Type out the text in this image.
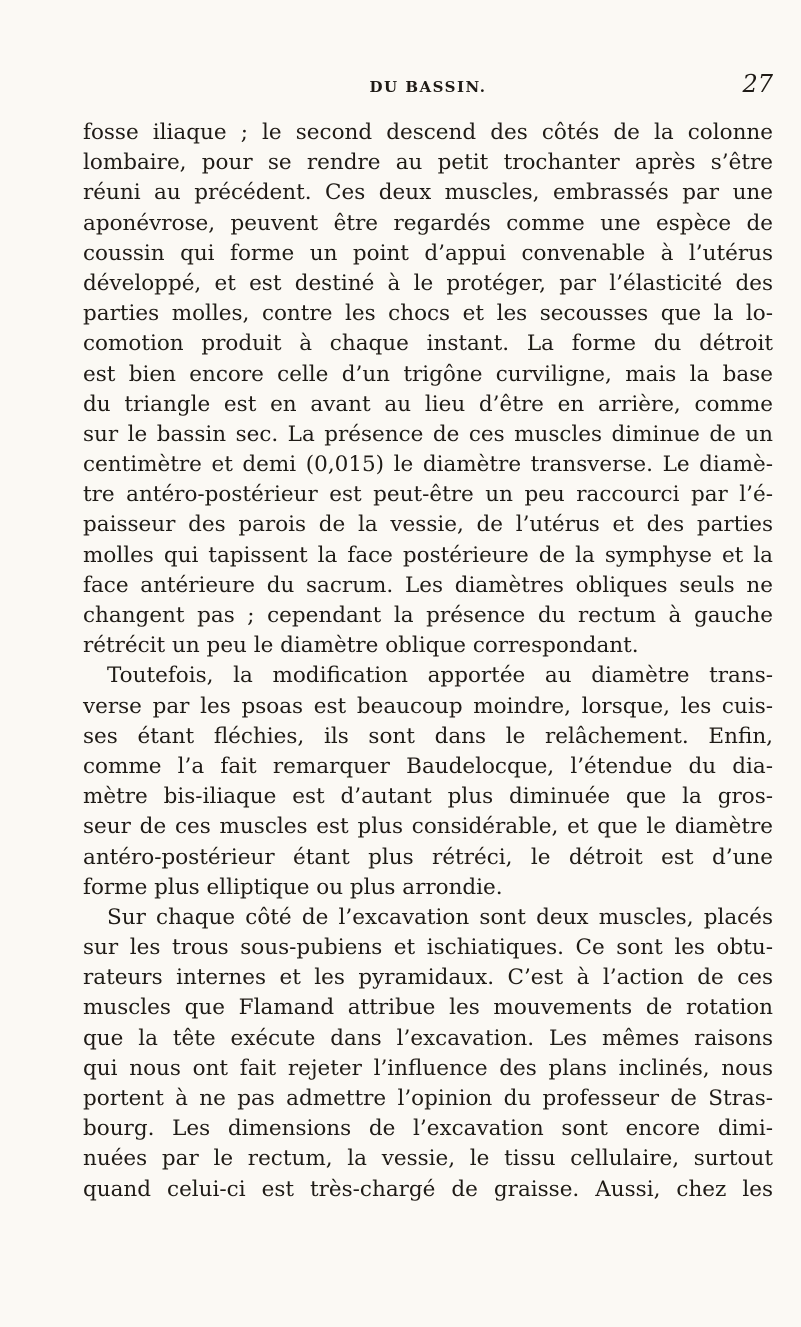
DU BASSIN.	27
fosse iliaque ; le second descend des côtés de la colonne
lombaire, pour se rendre au petit trochanter après s’être
réuni au précédent. Ces deux muscles, embrassés par une
aponévrose, peuvent être regardés comme une espèce de
coussin qui forme un point d’appui convenable à l’utérus
développé, et est destiné à le protéger, par l’élasticité des
parties molles, contre les chocs et les secousses que la lo-
comotion produit à chaque instant. La forme du détroit
est bien encore celle d’un trigône curviligne, mais la base
du triangle est en avant au lieu d’être en arrière, comme
sur le bassin sec. La présence de ces muscles diminue de un
centimètre et demi (0,015) le diamètre transverse. Le diamè-
tre antéro-postérieur est peut-être un peu raccourci par l’é-
paisseur des parois de la vessie, de l’utérus et des parties
molles qui tapissent la face postérieure de la symphyse et la
face antérieure du sacrum. Les diamètres obliques seuls ne
changent pas ; cependant la présence du rectum à gauche
rétrécit un peu le diamètre oblique correspondant.
Toutefois, la modification apportée au diamètre trans-
verse par les psoas est beaucoup moindre, lorsque, les cuis-
ses étant fléchies, ils sont dans le relâchement. Enfin,
comme l’a fait remarquer Baudelocque, l’étendue du dia-
mètre bis-iliaque est d’autant plus diminuée que la gros-
seur de ces muscles est plus considérable, et que le diamètre
antéro-postérieur étant plus rétréci, le détroit est d’une
forme plus elliptique ou plus arrondie.
Sur chaque côté de l’excavation sont deux muscles, placés
sur les trous sous-pubiens et ischiatiques. Ce sont les obtu-
rateurs internes et les pyramidaux. C’est à l’action de ces
muscles que Flamand attribue les mouvements de rotation
que la tête exécute dans l’excavation. Les mêmes raisons
qui nous ont fait rejeter l’influence des plans inclinés, nous
portent à ne pas admettre l’opinion du professeur de Stras-
bourg. Les dimensions de l’excavation sont encore dimi-
nuées par le rectum, la vessie, le tissu cellulaire, surtout
quand celui-ci est très-chargé de graisse. Aussi, chez les
